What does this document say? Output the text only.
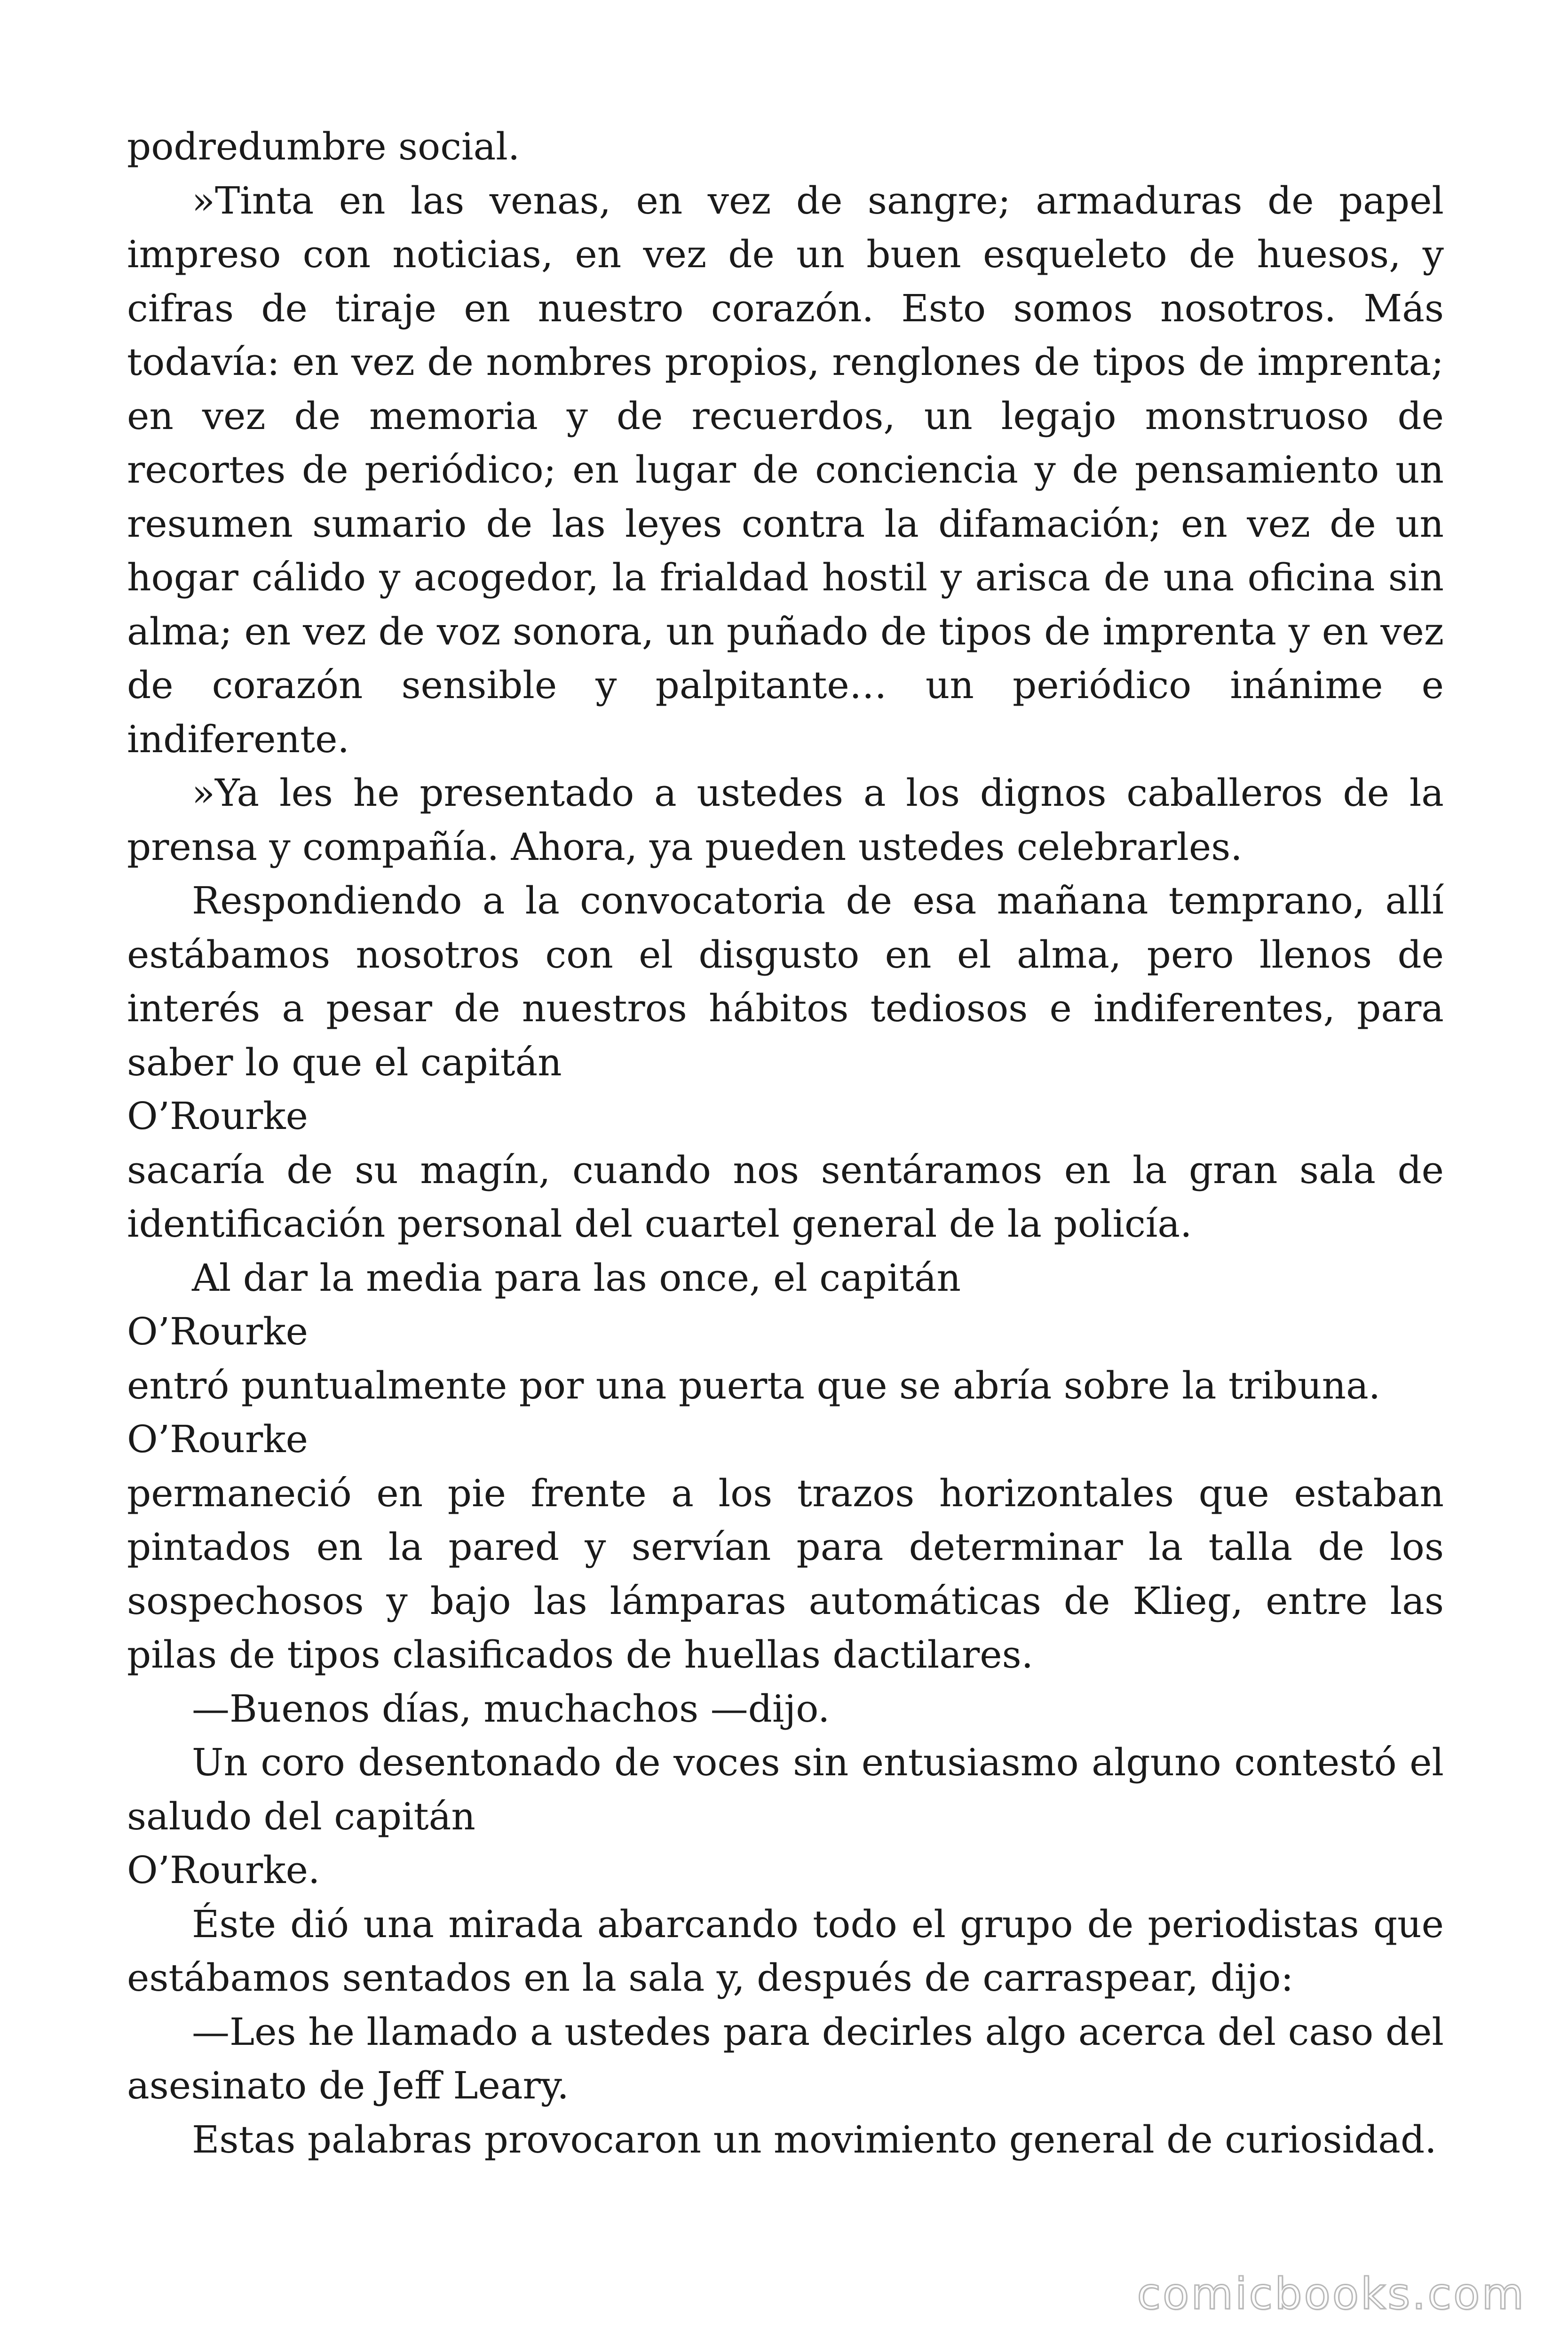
podredumbre social.

»Tinta en las venas, en vez de sangre; armaduras de papel impreso con noticias, en vez de un buen esqueleto de huesos, y cifras de tiraje en nuestro corazón. Esto somos nosotros. Más todavía: en vez de nombres propios, renglones de tipos de imprenta; en vez de memoria y de recuerdos, un legajo monstruoso de recortes de periódico; en lugar de conciencia y de pensamiento un resumen sumario de las leyes contra la difamación; en vez de un hogar cálido y acogedor, la frialdad hostil y arisca de una oficina sin alma; en vez de voz sonora, un puñado de tipos de imprenta y en vez de corazón sensible y palpitante… un periódico inánime e indiferente.

»Ya les he presentado a ustedes a los dignos caballeros de la prensa y compañía. Ahora, ya pueden ustedes celebrarles.

Respondiendo a la convocatoria de esa mañana temprano, allí estábamos nosotros con el disgusto en el alma, pero llenos de interés a pesar de nuestros hábitos tediosos e indiferentes, para saber lo que el capitán

O’Rourke

sacaría de su magín, cuando nos sentáramos en la gran sala de identificación personal del cuartel general de la policía.

Al dar la media para las once, el capitán

O’Rourke

entró puntualmente por una puerta que se abría sobre la tribuna.

O’Rourke

permaneció en pie frente a los trazos horizontales que estaban pintados en la pared y servían para determinar la talla de los sospechosos y bajo las lámparas automáticas de Klieg, entre las pilas de tipos clasificados de huellas dactilares.

—Buenos días, muchachos —dijo.

Un coro desentonado de voces sin entusiasmo alguno contestó el saludo del capitán

O’Rourke.

Éste dió una mirada abarcando todo el grupo de periodistas que estábamos sentados en la sala y, después de carraspear, dijo:

—Les he llamado a ustedes para decirles algo acerca del caso del asesinato de Jeff Leary.

Estas palabras provocaron un movimiento general de curiosidad.

comicbooks.com
